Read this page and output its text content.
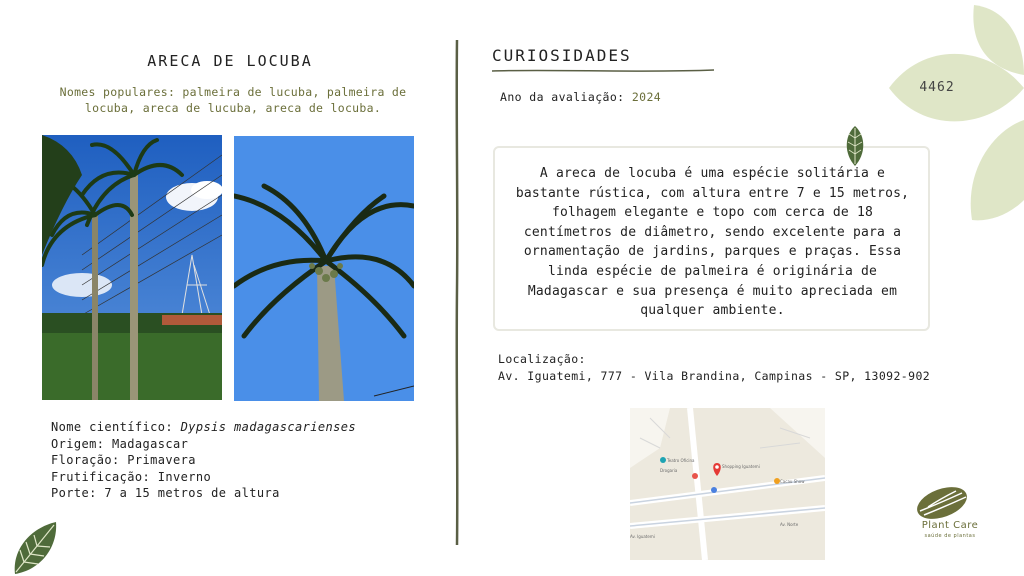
4462
ARECA DE LOCUBA
Nomes populares: palmeira de lucuba, palmeira de locuba, areca de lucuba, areca de locuba.
Nome científico: Dypsis madagascarienses
Origem: Madagascar
Floração: Primavera
Frutificação: Inverno
Porte: 7 a 15 metros de altura
CURIOSIDADES
Ano da avaliação: 2024
A areca de locuba é uma espécie solitária e bastante rústica, com altura entre 7 e 15 metros, folhagem elegante e topo com cerca de 18 centímetros de diâmetro, sendo excelente para a ornamentação de jardins, parques e praças. Essa linda espécie de palmeira é originária de Madagascar e sua presença é muito apreciada em qualquer ambiente.
Localização:
Av. Iguatemi, 777 - Vila Brandina, Campinas - SP, 13092-902
Teatro Oficina
Drogaria
Shopping Iguatemi
Cacau Show
Av. Iguatemi
Av. Norte	Plant Care
saúde de plantas
